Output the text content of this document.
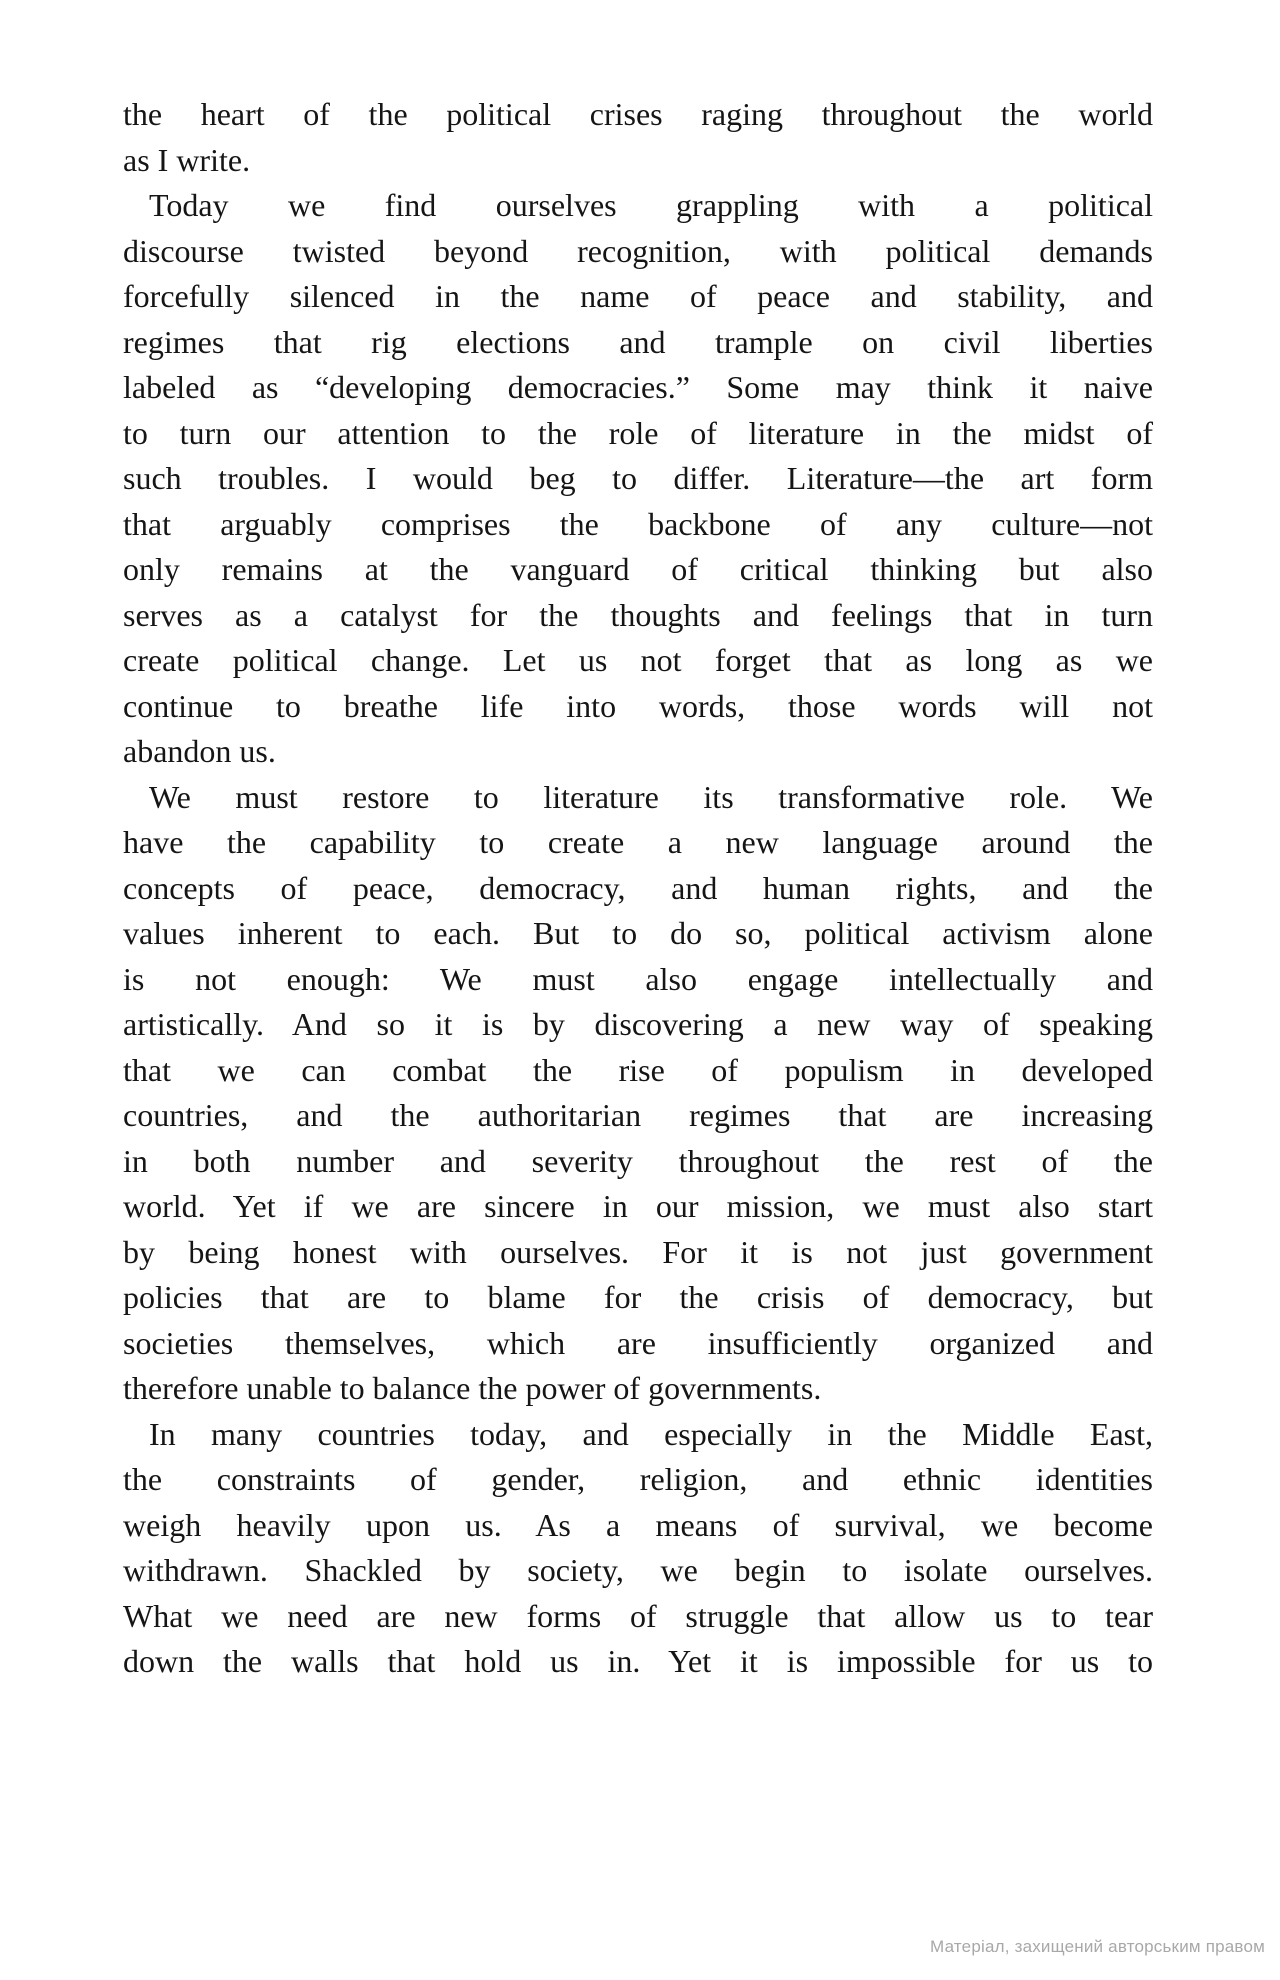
the heart of the political crises raging throughout the world
as I write.
Today we find ourselves grappling with a political
discourse twisted beyond recognition, with political demands
forcefully silenced in the name of peace and stability, and
regimes that rig elections and trample on civil liberties
labeled as “developing democracies.” Some may think it naive
to turn our attention to the role of literature in the midst of
such troubles. I would beg to differ. Literature—the art form
that arguably comprises the backbone of any culture—not
only remains at the vanguard of critical thinking but also
serves as a catalyst for the thoughts and feelings that in turn
create political change. Let us not forget that as long as we
continue to breathe life into words, those words will not
abandon us.
We must restore to literature its transformative role. We
have the capability to create a new language around the
concepts of peace, democracy, and human rights, and the
values inherent to each. But to do so, political activism alone
is not enough: We must also engage intellectually and
artistically. And so it is by discovering a new way of speaking
that we can combat the rise of populism in developed
countries, and the authoritarian regimes that are increasing
in both number and severity throughout the rest of the
world. Yet if we are sincere in our mission, we must also start
by being honest with ourselves. For it is not just government
policies that are to blame for the crisis of democracy, but
societies themselves, which are insufficiently organized and
therefore unable to balance the power of governments.
In many countries today, and especially in the Middle East,
the constraints of gender, religion, and ethnic identities
weigh heavily upon us. As a means of survival, we become
withdrawn. Shackled by society, we begin to isolate ourselves.
What we need are new forms of struggle that allow us to tear
down the walls that hold us in. Yet it is impossible for us to
Матеріал, захищений авторським правом
